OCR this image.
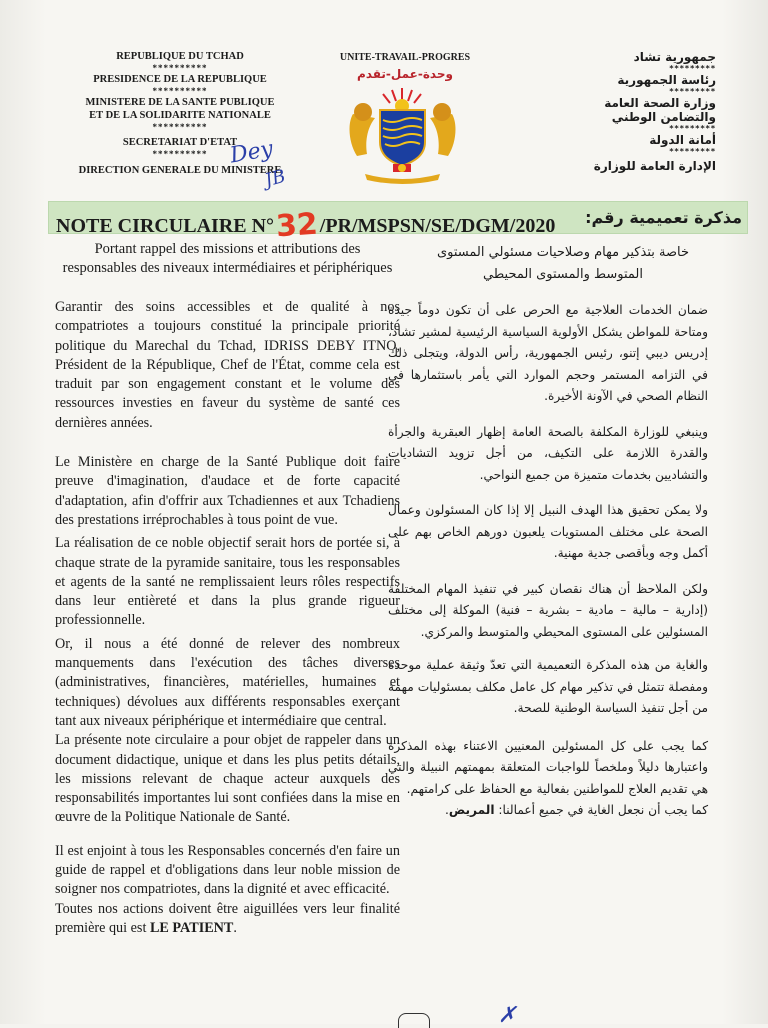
REPUBLIQUE DU TCHAD
**********
PRESIDENCE DE LA REPUBLIQUE
**********
MINISTERE DE LA SANTE PUBLIQUE
ET DE LA SOLIDARITE NATIONALE
**********
SECRETARIAT D'ETAT
**********
DIRECTION GENERALE DU MINISTERE
Dey
JB
UNITE-TRAVAIL-PROGRES
وحدة-عمل-تقدم
جمهورية تشاد
*********
رئاسة الجمهورية
*********
وزارة الصحة العامة
والتضامن الوطني
*********
أمانة الدولة
*********
الإدارة العامة للوزارة
NOTE CIRCULAIRE N°32/PR/MSPSN/SE/DGM/2020 مذكرة تعميمية رقم:
Portant rappel des missions et attributions des
responsables des niveaux intermédiaires et périphériques
خاصة بتذكير مهام وصلاحيات مسئولي المستوى
المتوسط والمستوى المحيطي

Garantir des soins accessibles et de qualité à nos compatriotes a toujours constitué la principale priorité politique du Marechal du Tchad, IDRISS DEBY ITNO, Président de la République, Chef de l'État, comme cela est traduit par son engagement constant et le volume des ressources investies en faveur du système de santé ces dernières années.

Le Ministère en charge de la Santé Publique doit faire preuve d'imagination, d'audace et de forte capacité d'adaptation, afin d'offrir aux Tchadiennes et aux Tchadiens des prestations irréprochables à tous point de vue.

La réalisation de ce noble objectif serait hors de portée si, à chaque strate de la pyramide sanitaire, tous les responsables et agents de la santé ne remplissaient leurs rôles respectifs dans leur entièreté et dans la plus grande rigueur professionnelle.

Or, il nous a été donné de relever des nombreux manquements dans l'exécution des tâches diverses (administratives, financières, matérielles, humaines et techniques) dévolues aux différents responsables exerçant tant aux niveaux périphérique et intermédiaire que central.

La présente note circulaire a pour objet de rappeler dans un document didactique, unique et dans les plus petits détails, les missions relevant de chaque acteur auxquels des responsabilités importantes lui sont confiées dans la mise en œuvre de la Politique Nationale de Santé.

Il est enjoint à tous les Responsables concernés d'en faire un guide de rappel et d'obligations dans leur noble mission de soigner nos compatriotes, dans la dignité et avec efficacité.

Toutes nos actions doivent être aiguillées vers leur finalité première qui est LE PATIENT.

ضمان الخدمات العلاجية مع الحرص على أن تكون دوماً جيدة ومتاحة للمواطن يشكل الأولوية السياسية الرئيسية لمشير تشاد، إدريس ديبي إتنو، رئيس الجمهورية، رأس الدولة، ويتجلى ذلك في التزامه المستمر وحجم الموارد التي يأمر باستثمارها في النظام الصحي في الآونة الأخيرة.

وينبغي للوزارة المكلفة بالصحة العامة إظهار العبقرية والجرأة والقدرة اللازمة على التكيف، من أجل تزويد التشاديات والتشاديين بخدمات متميزة من جميع النواحي.

ولا يمكن تحقيق هذا الهدف النبيل إلا إذا كان المسئولون وعمال الصحة على مختلف المستويات يلعبون دورهم الخاص بهم على أكمل وجه وبأقصى جدية مهنية.

ولكن الملاحظ أن هناك نقصان كبير في تنفيذ المهام المختلفة (إدارية – مالية – مادية – بشرية – فنية) الموكلة إلى مختلف المسئولين على المستوى المحيطي والمتوسط والمركزي.

والغاية من هذه المذكرة التعميمية التي تعدّ وثيقة عملية موحدة ومفصلة تتمثل في تذكير مهام كل عامل مكلف بمسئوليات مهمة من أجل تنفيذ السياسة الوطنية للصحة.

كما يجب على كل المسئولين المعنيين الاعتناء بهذه المذكرة واعتبارها دليلاً وملخصاً للواجبات المتعلقة بمهمتهم النبيلة والتي هي تقديم العلاج للمواطنين بفعالية مع الحفاظ على كرامتهم.

كما يجب أن نجعل الغاية في جميع أعمالنا: المريض.

✗
